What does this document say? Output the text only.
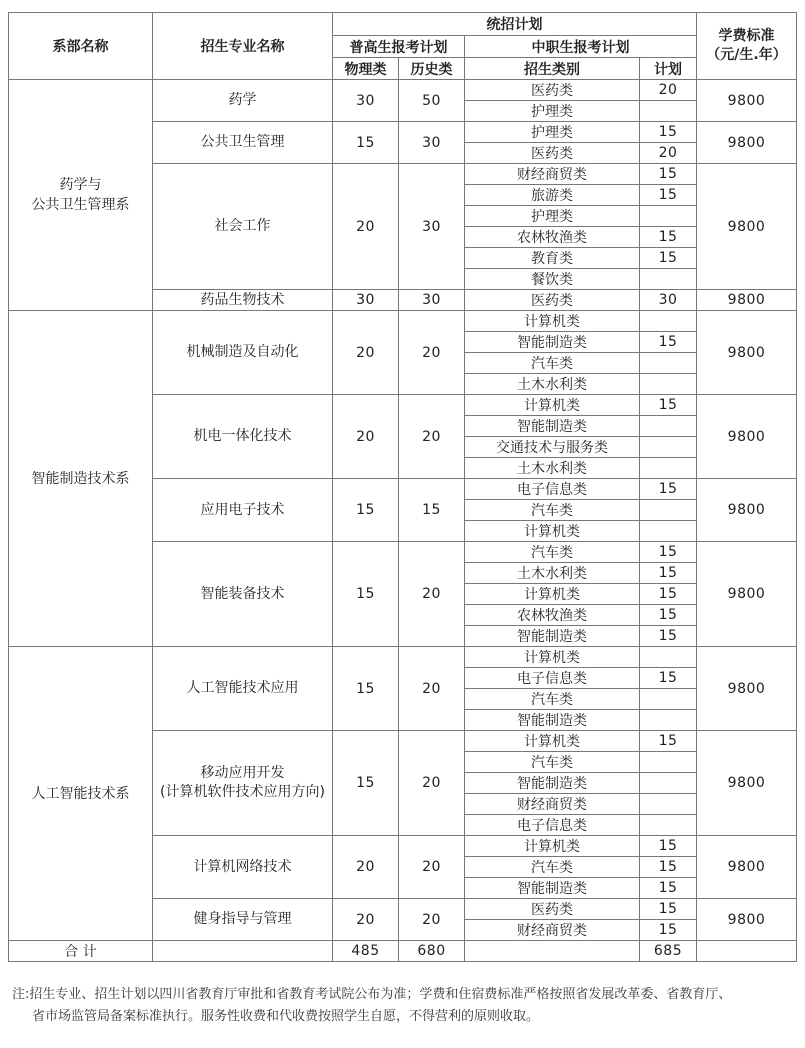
系部名称	招生专业名称	统招计划				学费标准
（元/生.年）

		普高生报考计划		中职生报考计划		
		物理类	历史类	招生类别	计划	

药学与
公共卫生管理系	药学	30	50	医药类	20	9800
				护理类		

	公共卫生管理	15	30	护理类	15	9800
				医药类	20	

	社会工作	20	30	财经商贸类	15	9800
				旅游类	15	
				护理类		
				农林牧渔类	15	
				教育类	15	
				餐饮类		

	药品生物技术	30	30	医药类	30	9800

智能制造技术系	机械制造及自动化	20	20	计算机类		9800
				智能制造类	15	
				汽车类		
				土木水利类		

	机电一体化技术	20	20	计算机类	15	9800
				智能制造类		
				交通技术与服务类		
				土木水利类		

	应用电子技术	15	15	电子信息类	15	9800
				汽车类		
				计算机类		

	智能装备技术	15	20	汽车类	15	9800
				土木水利类	15	
				计算机类	15	
				农林牧渔类	15	
				智能制造类	15	

人工智能技术系	人工智能技术应用	15	20	计算机类		9800
				电子信息类	15	
				汽车类		
				智能制造类		

	移动应用开发
(计算机软件技术应用方向)	15	20	计算机类	15	9800
				汽车类		
				智能制造类		
				财经商贸类		
				电子信息类		

	计算机网络技术	20	20	计算机类	15	9800
				汽车类	15	
				智能制造类	15	

	健身指导与管理	20	20	医药类	15	9800
				财经商贸类	15	
合 计		485	680		685	
注:招生专业、招生计划以四川省教育厅审批和省教育考试院公布为准；学费和住宿费标准严格按照省发展改革委、省教育厅、
省市场监管局备案标准执行。服务性收费和代收费按照学生自愿，不得营利的原则收取。
